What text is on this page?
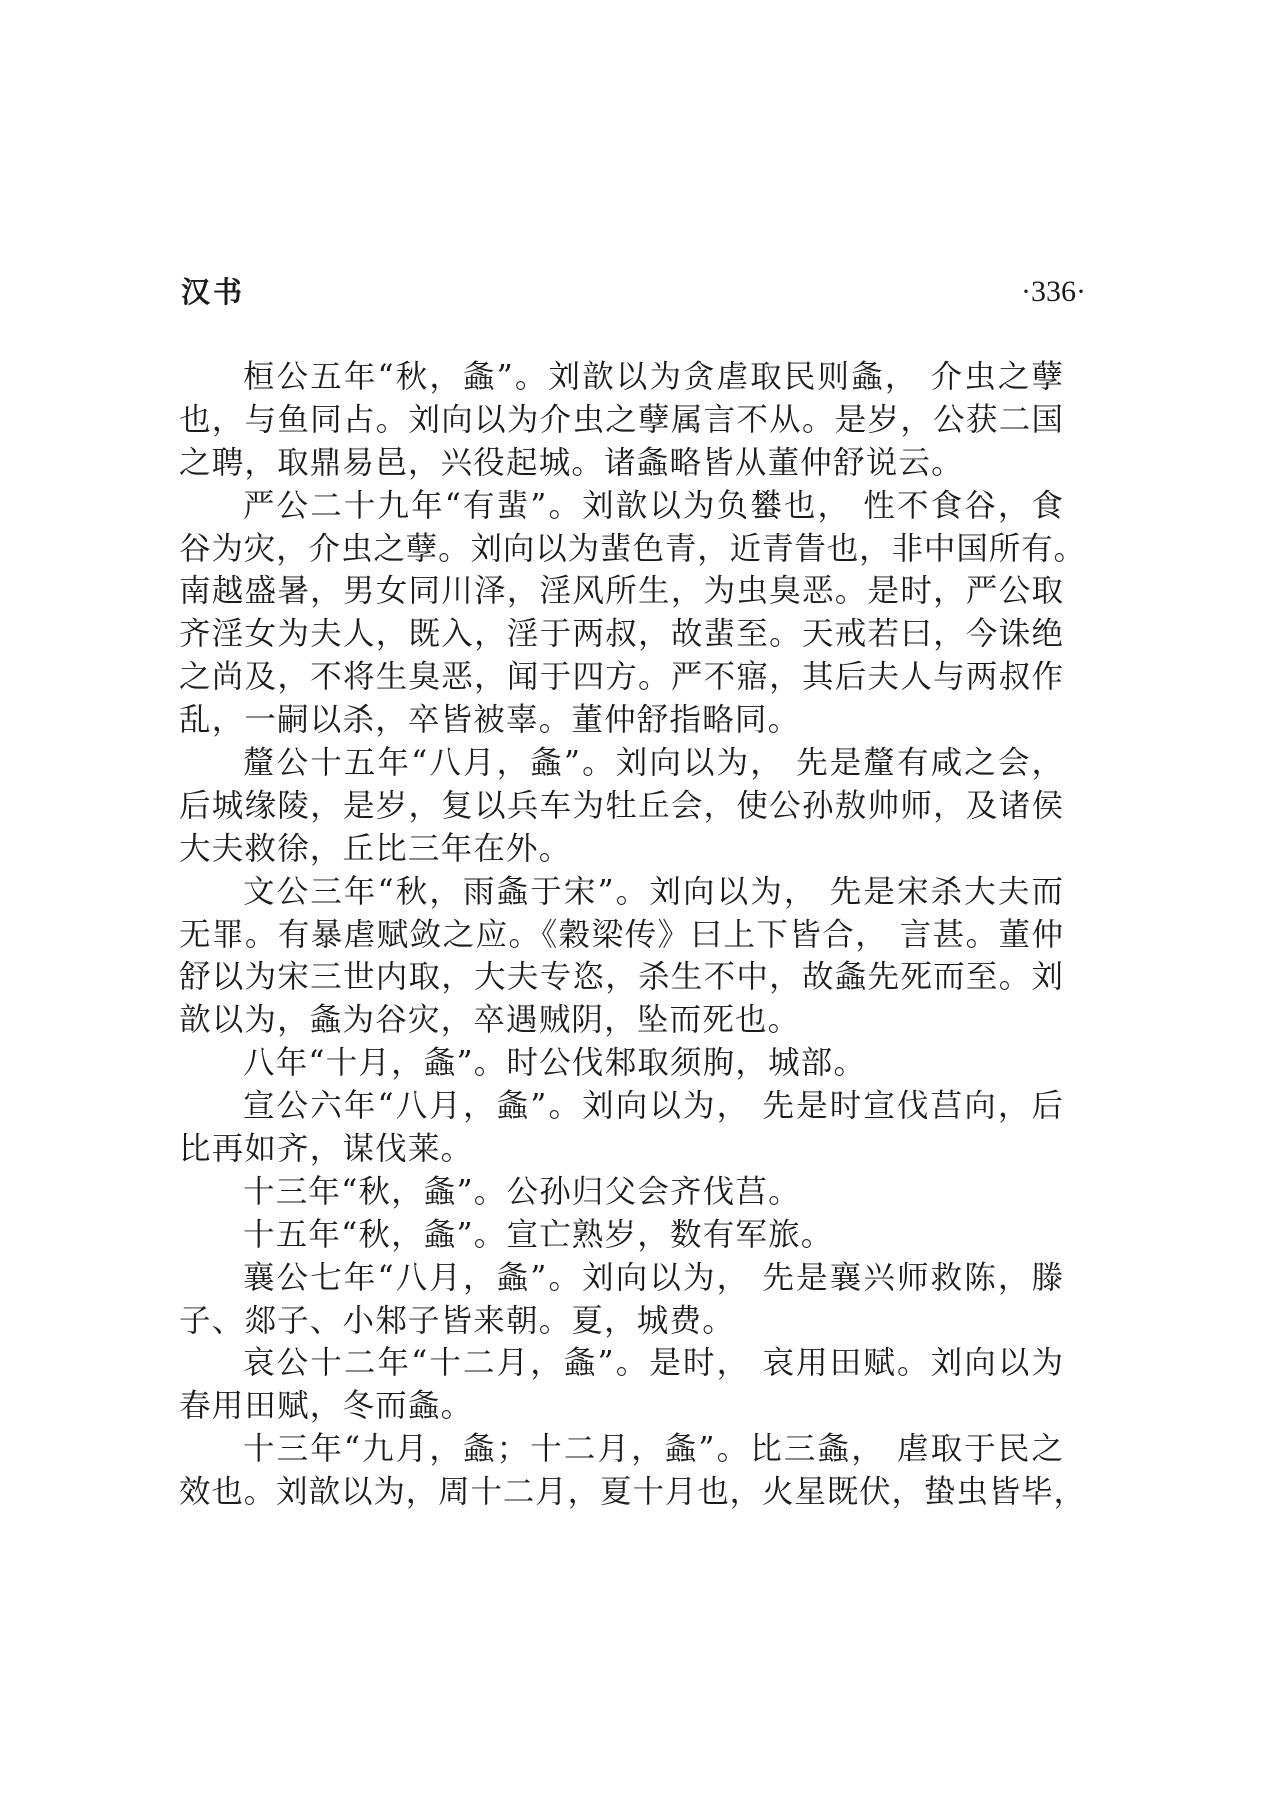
汉书	·336·
桓公五年“秋，螽”。刘歆以为贪虐取民则螽， 介虫之孽
也，与鱼同占。刘向以为介虫之孽属言不从。是岁，公获二国
之聘，取鼎易邑，兴役起城。诸螽略皆从董仲舒说云。
严公二十九年“有蜚”。刘歆以为负蠜也， 性不食谷，食
谷为灾，介虫之孽。刘向以为蜚色青，近青眚也，非中国所有。
南越盛暑，男女同川泽，淫风所生，为虫臭恶。是时，严公取
齐淫女为夫人，既入，淫于两叔，故蜚至。天戒若曰，今诛绝
之尚及，不将生臭恶，闻于四方。严不寤，其后夫人与两叔作
乱，一嗣以杀，卒皆被辜。董仲舒指略同。
釐公十五年“八月，螽”。刘向以为， 先是釐有咸之会，
后城缘陵，是岁，复以兵车为牡丘会，使公孙敖帅师，及诸侯
大夫救徐，丘比三年在外。
文公三年“秋，雨螽于宋”。刘向以为， 先是宋杀大夫而
无罪。有暴虐赋敛之应。《穀梁传》曰上下皆合， 言甚。董仲
舒以为宋三世内取，大夫专恣，杀生不中，故螽先死而至。刘
歆以为，螽为谷灾，卒遇贼阴，坠而死也。
八年“十月，螽”。时公伐邾取须朐，城部。
宣公六年“八月，螽”。刘向以为， 先是时宣伐莒向，后
比再如齐，谋伐莱。
十三年“秋，螽”。公孙归父会齐伐莒。
十五年“秋，螽”。宣亡熟岁，数有军旅。
襄公七年“八月，螽”。刘向以为， 先是襄兴师救陈，滕
子、郯子、小邾子皆来朝。夏，城费。
哀公十二年“十二月，螽”。是时， 哀用田赋。刘向以为
春用田赋，冬而螽。
十三年“九月，螽；十二月，螽”。比三螽， 虐取于民之
效也。刘歆以为，周十二月，夏十月也，火星既伏，蛰虫皆毕，
